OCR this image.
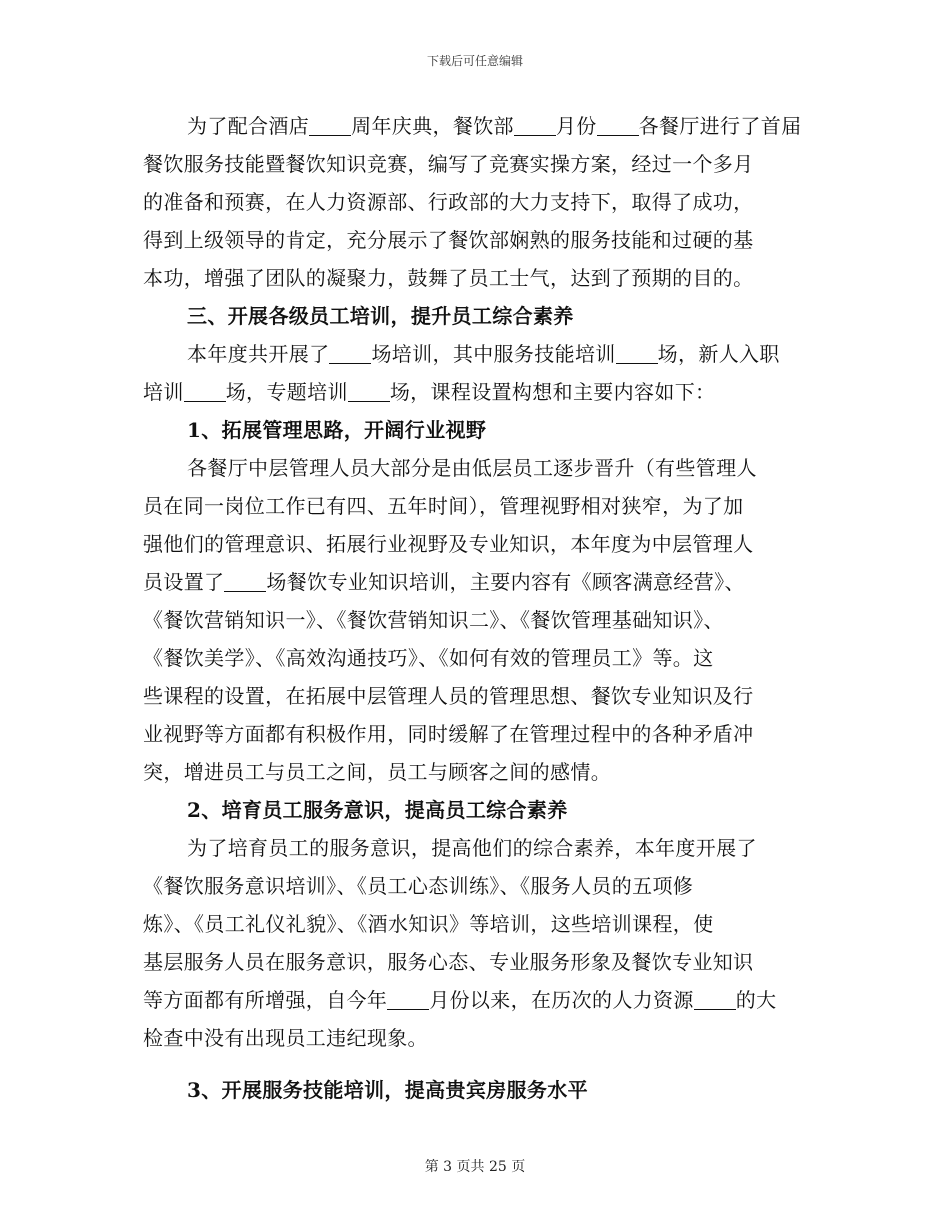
下载后可任意编辑
为了配合酒店 周年庆典，餐饮部 月份 各餐厅进行了首届
餐饮服务技能暨餐饮知识竞赛，编写了竞赛实操方案，经过一个多月
的准备和预赛，在人力资源部、行政部的大力支持下，取得了成功，
得到上级领导的肯定，充分展示了餐饮部娴熟的服务技能和过硬的基
本功，增强了团队的凝聚力，鼓舞了员工士气，达到了预期的目的。
三、开展各级员工培训，提升员工综合素养
本年度共开展了 场培训，其中服务技能培训 场，新人入职
培训 场，专题培训 场，课程设置构想和主要内容如下：
1、拓展管理思路，开阔行业视野
各餐厅中层管理人员大部分是由低层员工逐步晋升（有些管理人
员在同一岗位工作已有四、五年时间），管理视野相对狭窄，为了加
强他们的管理意识、拓展行业视野及专业知识，本年度为中层管理人
员设置了 场餐饮专业知识培训，主要内容有《顾客满意经营》、
《餐饮营销知识一》、《餐饮营销知识二》、《餐饮管理基础知识》、
《餐饮美学》、《高效沟通技巧》、《如何有效的管理员工》等。这
些课程的设置，在拓展中层管理人员的管理思想、餐饮专业知识及行
业视野等方面都有积极作用，同时缓解了在管理过程中的各种矛盾冲
突，增进员工与员工之间，员工与顾客之间的感情。
2、培育员工服务意识，提高员工综合素养
为了培育员工的服务意识，提高他们的综合素养，本年度开展了
《餐饮服务意识培训》、《员工心态训练》、《服务人员的五项修
炼》、《员工礼仪礼貌》、《酒水知识》等培训，这些培训课程，使
基层服务人员在服务意识，服务心态、专业服务形象及餐饮专业知识
等方面都有所增强，自今年 月份以来，在历次的人力资源 的大
检查中没有出现员工违纪现象。
3、开展服务技能培训，提高贵宾房服务水平
第 3 页共 25 页
